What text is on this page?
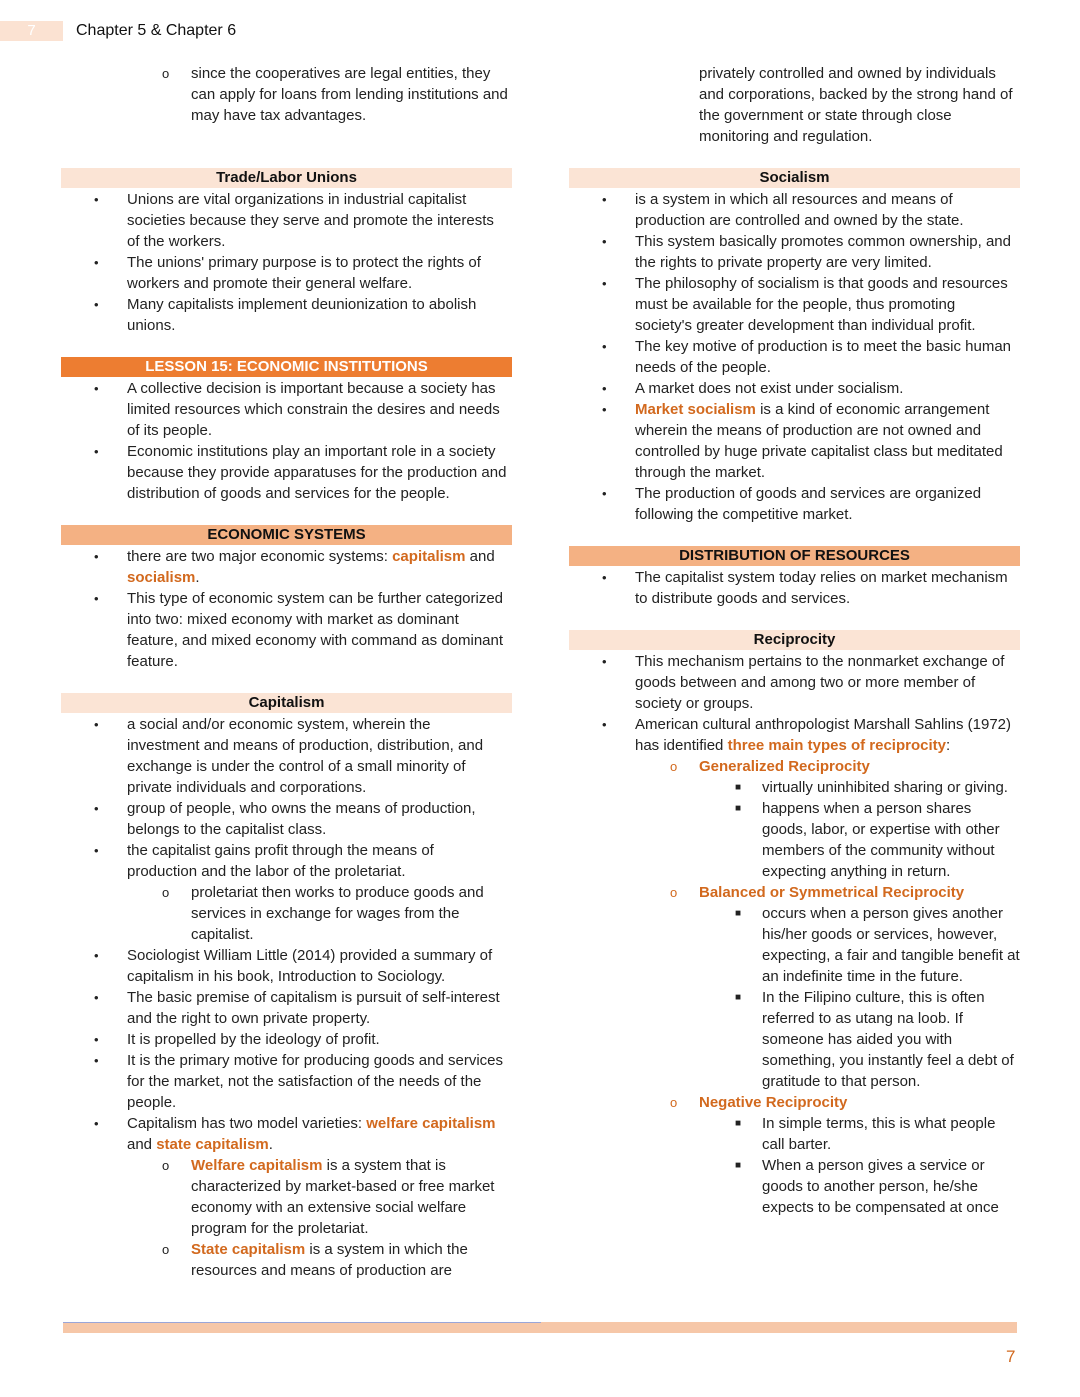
7	Chapter 5 & Chapter 6
o since the cooperatives are legal entities, they can apply for loans from lending institutions and may have tax advantages.
Trade/Labor Unions
• Unions are vital organizations in industrial capitalist societies because they serve and promote the interests of the workers.
• The unions' primary purpose is to protect the rights of workers and promote their general welfare.
• Many capitalists implement deunionization to abolish unions.
LESSON 15: ECONOMIC INSTITUTIONS
• A collective decision is important because a society has limited resources which constrain the desires and needs of its people.
• Economic institutions play an important role in a society because they provide apparatuses for the production and distribution of goods and services for the people.
ECONOMIC SYSTEMS
• there are two major economic systems: capitalism and socialism.
• This type of economic system can be further categorized into two: mixed economy with market as dominant feature, and mixed economy with command as dominant feature.
Capitalism
• a social and/or economic system, wherein the investment and means of production, distribution, and exchange is under the control of a small minority of private individuals and corporations.
• group of people, who owns the means of production, belongs to the capitalist class.
• the capitalist gains profit through the means of production and the labor of the proletariat.
o proletariat then works to produce goods and services in exchange for wages from the capitalist.
• Sociologist William Little (2014) provided a summary of capitalism in his book, Introduction to Sociology.
• The basic premise of capitalism is pursuit of self-interest and the right to own private property.
• It is propelled by the ideology of profit.
• It is the primary motive for producing goods and services for the market, not the satisfaction of the needs of the people.
• Capitalism has two model varieties: welfare capitalism and state capitalism.
o Welfare capitalism is a system that is characterized by market-based or free market economy with an extensive social welfare program for the proletariat.
o State capitalism is a system in which the resources and means of production are
privately controlled and owned by individuals and corporations, backed by the strong hand of the government or state through close monitoring and regulation.
Socialism
• is a system in which all resources and means of production are controlled and owned by the state.
• This system basically promotes common ownership, and the rights to private property are very limited.
• The philosophy of socialism is that goods and resources must be available for the people, thus promoting society's greater development than individual profit.
• The key motive of production is to meet the basic human needs of the people.
• A market does not exist under socialism.
• Market socialism is a kind of economic arrangement wherein the means of production are not owned and controlled by huge private capitalist class but meditated through the market.
• The production of goods and services are organized following the competitive market.
DISTRIBUTION OF RESOURCES
• The capitalist system today relies on market mechanism to distribute goods and services.
Reciprocity
• This mechanism pertains to the nonmarket exchange of goods between and among two or more member of society or groups.
• American cultural anthropologist Marshall Sahlins (1972) has identified three main types of reciprocity:
o Generalized Reciprocity
■ virtually uninhibited sharing or giving.
■ happens when a person shares goods, labor, or expertise with other members of the community without expecting anything in return.
o Balanced or Symmetrical Reciprocity
■ occurs when a person gives another his/her goods or services, however, expecting, a fair and tangible benefit at an indefinite time in the future.
■ In the Filipino culture, this is often referred to as utang na loob. If someone has aided you with something, you instantly feel a debt of gratitude to that person.
o Negative Reciprocity
■ In simple terms, this is what people call barter.
■ When a person gives a service or goods to another person, he/she expects to be compensated at once
7
